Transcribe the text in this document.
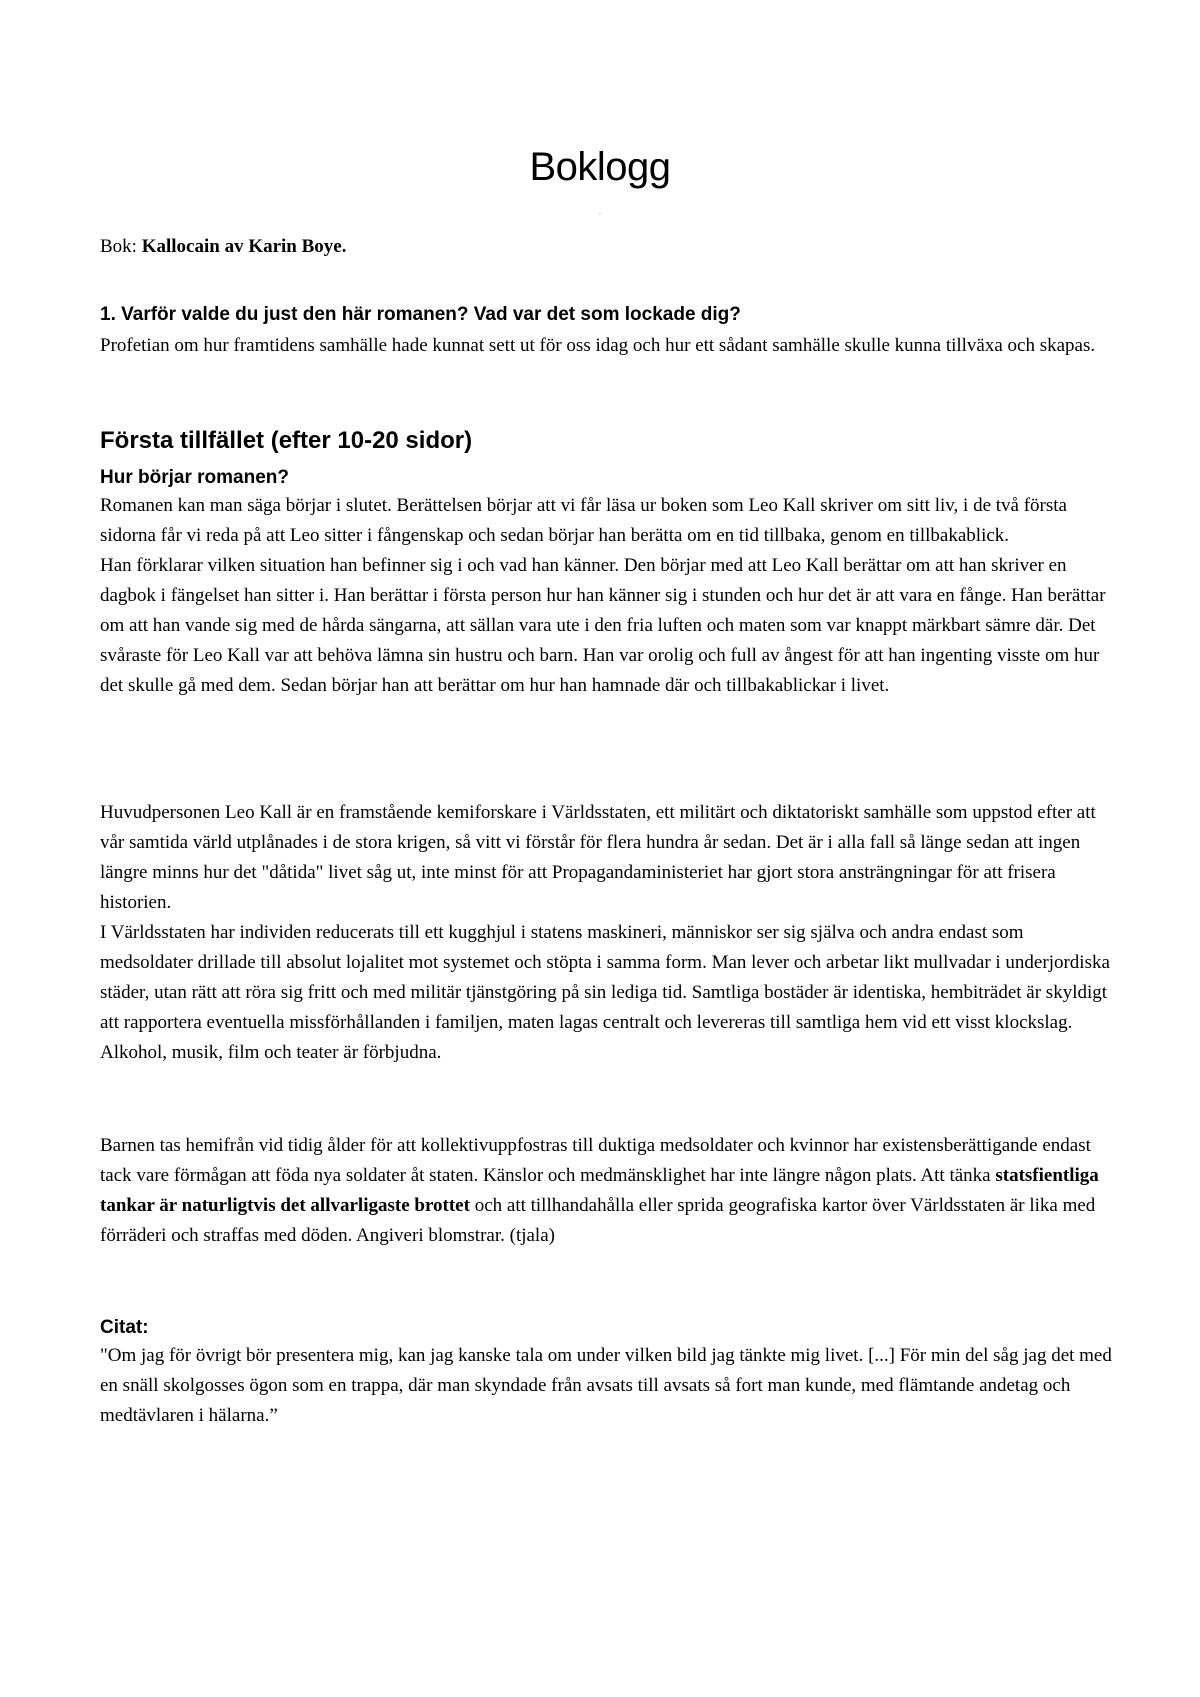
Boklogg
.
Bok: Kallocain av Karin Boye.
1. Varför valde du just den här romanen? Vad var det som lockade dig?

Profetian om hur framtidens samhälle hade kunnat sett ut för oss idag och hur ett sådant samhälle skulle kunna tillväxa och skapas.

Första tillfället (efter 10-20 sidor)
Hur börjar romanen?

Romanen kan man säga börjar i slutet. Berättelsen börjar att vi får läsa ur boken som Leo Kall skriver om sitt liv, i de två första sidorna får vi reda på att Leo sitter i fångenskap och sedan börjar han berätta om en tid tillbaka, genom en tillbakablick.

Han förklarar vilken situation han befinner sig i och vad han känner. Den börjar med att Leo Kall berättar om att han skriver en dagbok i fängelset han sitter i. Han berättar i första person hur han känner sig i stunden och hur det är att vara en fånge. Han berättar om att han vande sig med de hårda sängarna, att sällan vara ute i den fria luften och maten som var knappt märkbart sämre där. Det svåraste för Leo Kall var att behöva lämna sin hustru och barn. Han var orolig och full av ångest för att han ingenting visste om hur det skulle gå med dem. Sedan börjar han att berättar om hur han hamnade där och tillbakablickar i livet.

Huvudpersonen Leo Kall är en framstående kemiforskare i Världsstaten, ett militärt och diktatoriskt samhälle som uppstod efter att vår samtida värld utplånades i de stora krigen, så vitt vi förstår för flera hundra år sedan. Det är i alla fall så länge sedan att ingen längre minns hur det "dåtida" livet såg ut, inte minst för att Propagandaministeriet har gjort stora ansträngningar för att frisera historien.

I Världsstaten har individen reducerats till ett kugghjul i statens maskineri, människor ser sig själva och andra endast som medsoldater drillade till absolut lojalitet mot systemet och stöpta i samma form. Man lever och arbetar likt mullvadar i underjordiska städer, utan rätt att röra sig fritt och med militär tjänstgöring på sin lediga tid. Samtliga bostäder är identiska, hembiträdet är skyldigt att rapportera eventuella missförhållanden i familjen, maten lagas centralt och levereras till samtliga hem vid ett visst klockslag. Alkohol, musik, film och teater är förbjudna.

Barnen tas hemifrån vid tidig ålder för att kollektivuppfostras till duktiga medsoldater och kvinnor har existensberättigande endast tack vare förmågan att föda nya soldater åt staten. Känslor och medmänsklighet har inte längre någon plats. Att tänka statsfientliga tankar är naturligtvis det allvarligaste brottet och att tillhandahålla eller sprida geografiska kartor över Världsstaten är lika med förräderi och straffas med döden. Angiveri blomstrar. (tjala)

Citat:

"Om jag för övrigt bör presentera mig, kan jag kanske tala om under vilken bild jag tänkte mig livet. [...] För min del såg jag det med en snäll skolgosses ögon som en trappa, där man skyndade från avsats till avsats så fort man kunde, med flämtande andetag och medtävlaren i hälarna.”
